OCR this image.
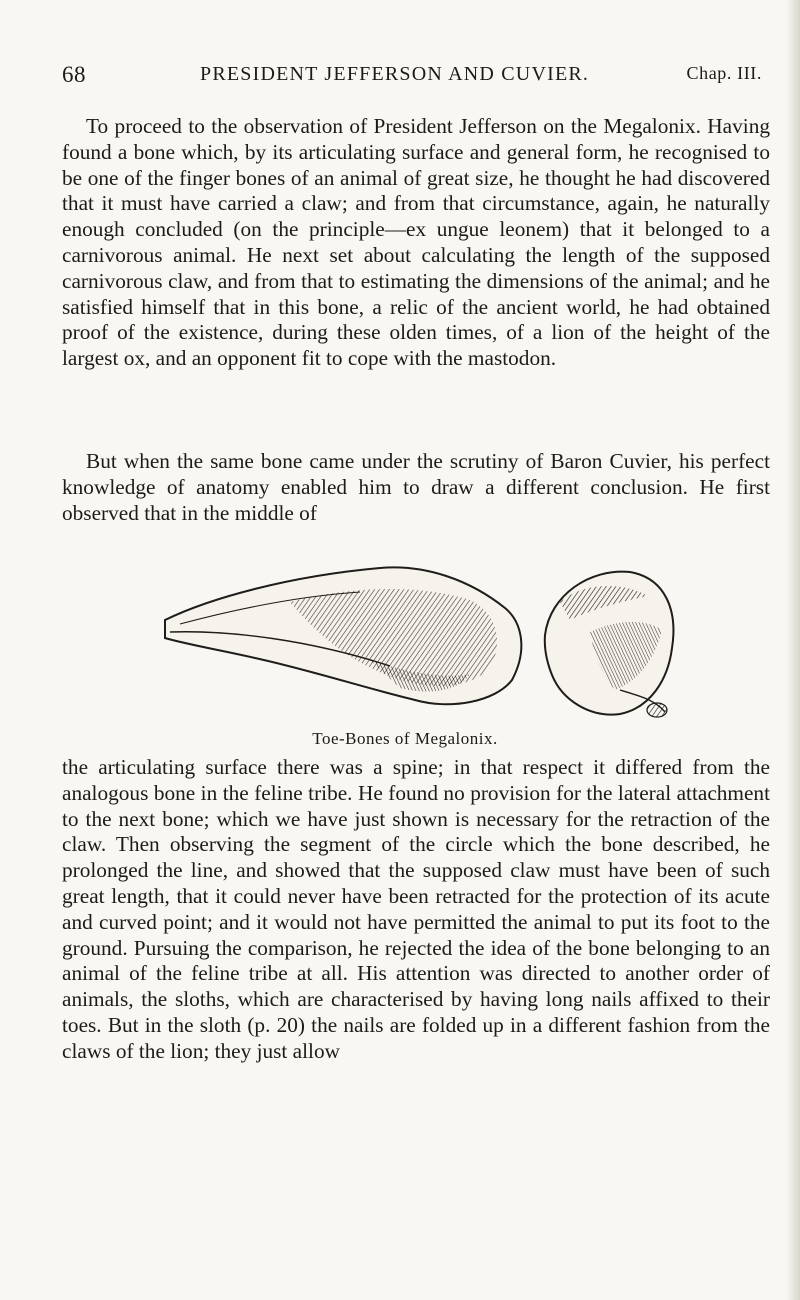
68	PRESIDENT JEFFERSON AND CUVIER.	Chap. III.

To proceed to the observation of President Jefferson on the Megalonix. Having found a bone which, by its articulating surface and general form, he recognised to be one of the finger bones of an animal of great size, he thought he had discovered that it must have carried a claw; and from that circumstance, again, he naturally enough concluded (on the principle—ex ungue leonem) that it belonged to a carnivorous animal. He next set about calculating the length of the supposed carnivorous claw, and from that to estimating the dimensions of the animal; and he satisfied himself that in this bone, a relic of the ancient world, he had obtained proof of the existence, during these olden times, of a lion of the height of the largest ox, and an opponent fit to cope with the mastodon.

But when the same bone came under the scrutiny of Baron Cuvier, his perfect knowledge of anatomy enabled him to draw a different conclusion. He first observed that in the middle of

Toe-Bones of Megalonix.

the articulating surface there was a spine; in that respect it differed from the analogous bone in the feline tribe. He found no provision for the lateral attachment to the next bone; which we have just shown is necessary for the retraction of the claw. Then observing the segment of the circle which the bone described, he prolonged the line, and showed that the supposed claw must have been of such great length, that it could never have been retracted for the protection of its acute and curved point; and it would not have permitted the animal to put its foot to the ground. Pursuing the comparison, he rejected the idea of the bone belonging to an animal of the feline tribe at all. His attention was directed to another order of animals, the sloths, which are characterised by having long nails affixed to their toes. But in the sloth (p. 20) the nails are folded up in a different fashion from the claws of the lion; they just allow
